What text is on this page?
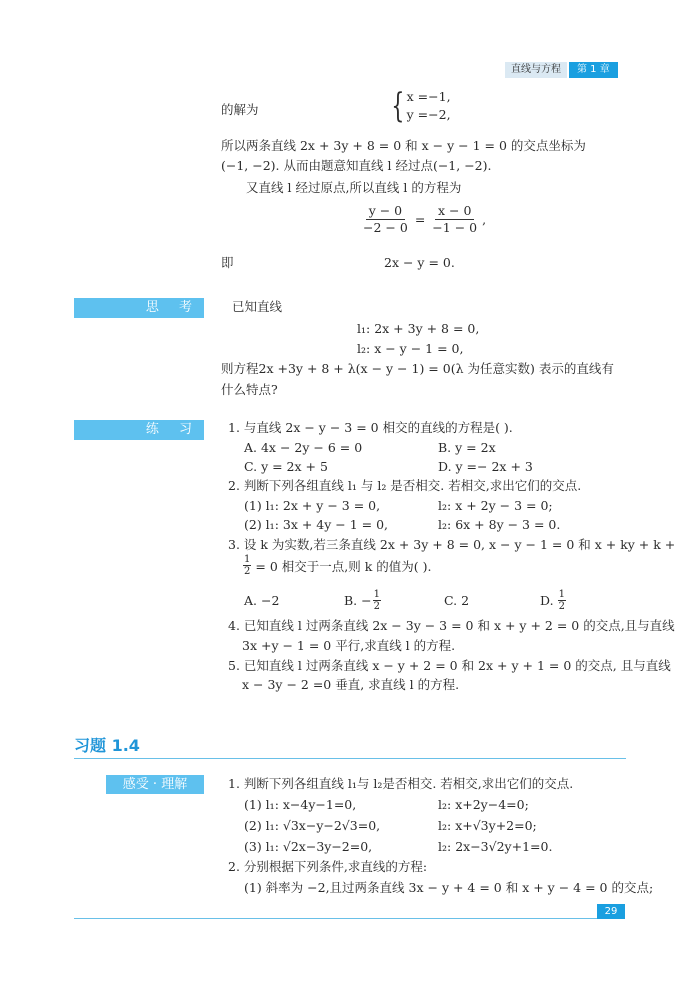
直线与方程	第 1 章
的解为	{ x =−1,
y =−2,
所以两条直线 2x + 3y + 8 = 0 和 x − y − 1 = 0 的交点坐标为
(−1, −2). 从而由题意知直线 l 经过点(−1, −2).
又直线 l 经过原点,所以直线 l 的方程为
$\frac{y - 0}{-2 - 0} = \frac{x - 0}{-1 - 0}$ ,
即	2x − y = 0.
思 考	已知直线
l₁: 2x + 3y + 8 = 0,
l₂: x − y − 1 = 0,
则方程2x +3y + 8 + λ(x − y − 1) = 0(λ 为任意实数) 表示的直线有
什么特点?
练 习	1. 与直线 2x − y − 3 = 0 相交的直线的方程是( ).
A. 4x − 2y − 6 = 0	B. y = 2x
C. y = 2x + 5	D. y =− 2x + 3
2. 判断下列各组直线 l₁ 与 l₂ 是否相交. 若相交,求出它们的交点.
(1) l₁: 2x + y − 3 = 0,	l₂: x + 2y − 3 = 0;
(2) l₁: 3x + 4y − 1 = 0,	l₂: 6x + 8y − 3 = 0.
3. 设 k 为实数,若三条直线 2x + 3y + 8 = 0, x − y − 1 = 0 和 x + ky + k +
$\frac{1}{2} = 0$ 相交于一点,则 k 的值为( ).
A. −2	B. − $\frac{1}{2}$	C. 2	D. $\frac{1}{2}$
4. 已知直线 l 过两条直线 2x − 3y − 3 = 0 和 x + y + 2 = 0 的交点,且与直线
3x +y − 1 = 0 平行,求直线 l 的方程.
5. 已知直线 l 过两条直线 x − y + 2 = 0 和 2x + y + 1 = 0 的交点, 且与直线
x − 3y − 2 =0 垂直, 求直线 l 的方程.
习题 1.4
感受 · 理解	1. 判断下列各组直线 l₁与 l₂是否相交. 若相交,求出它们的交点.
(1) l₁: x−4y−1=0,	l₂: x+2y−4=0;
(2) l₁: √3x−y−2√3=0,	l₂: x+√3y+2=0;
(3) l₁: √2x−3y−2=0,	l₂: 2x−3√2y+1=0.
2. 分别根据下列条件,求直线的方程:
(1) 斜率为 −2,且过两条直线 3x − y + 4 = 0 和 x + y − 4 = 0 的交点;
29
